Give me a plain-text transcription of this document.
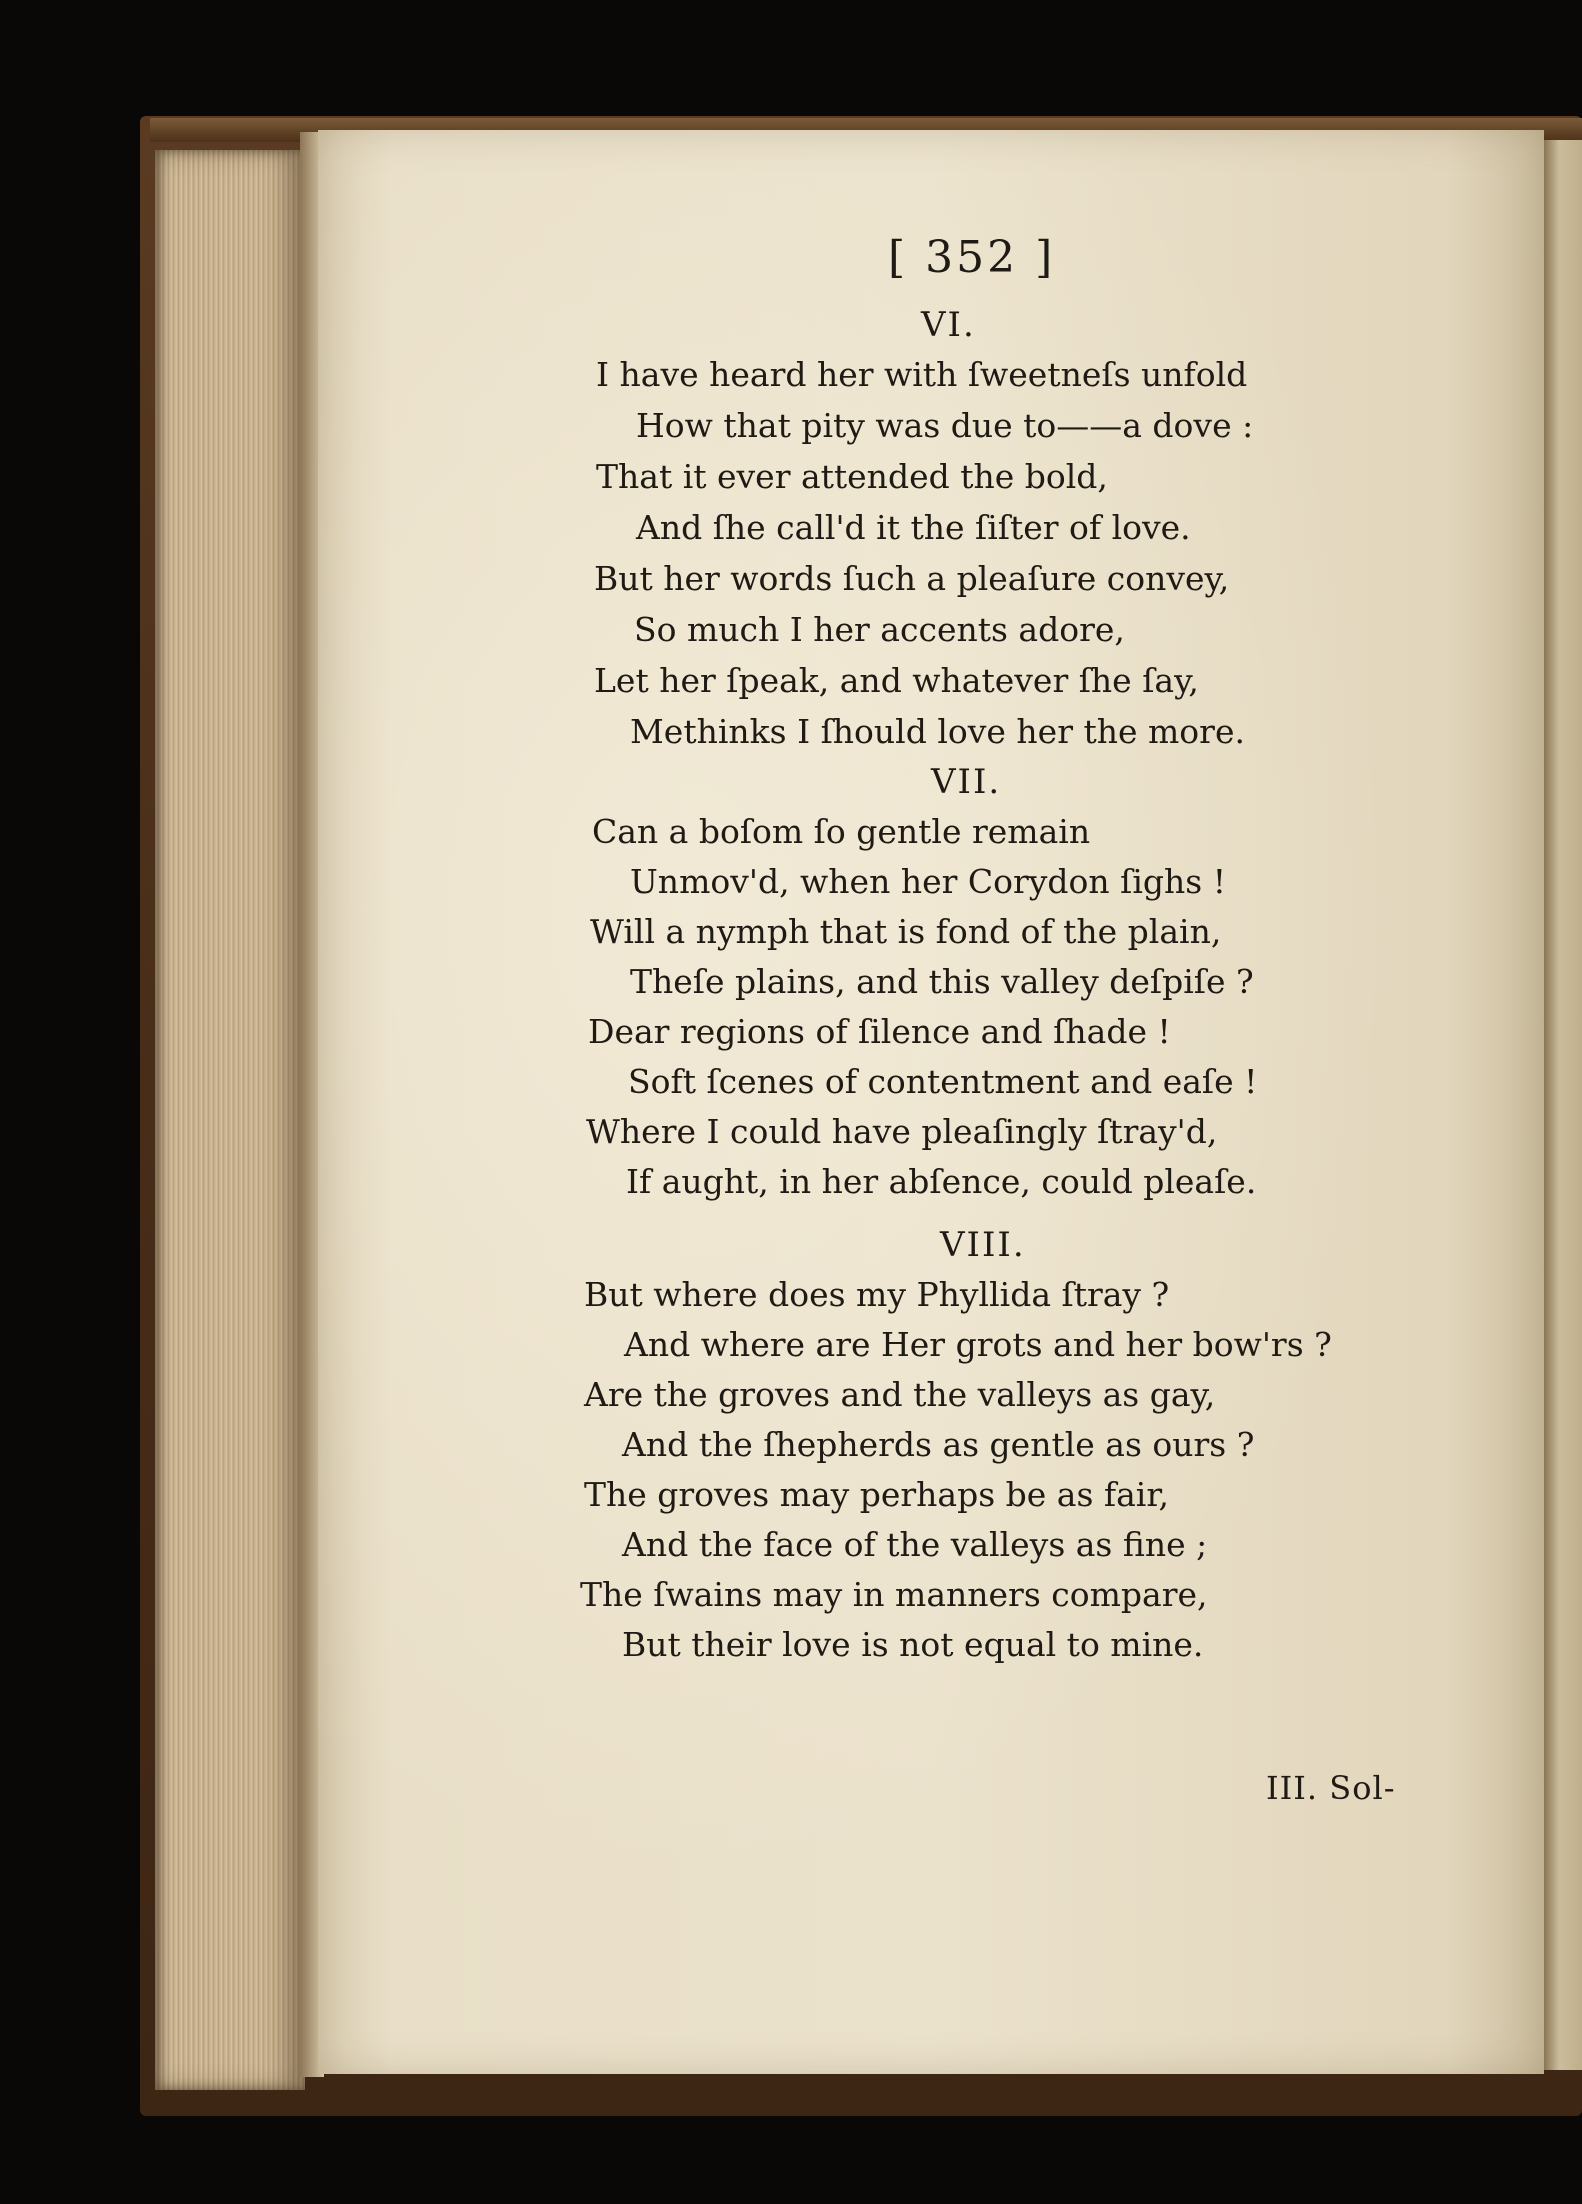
[ 352 ]
VI.
I have heard her with ſweetneſs unfold
How that pity was due to——a dove :
That it ever attended the bold,
And ſhe call'd it the ſiſter of love.
But her words ſuch a pleaſure convey,
So much I her accents adore,
Let her ſpeak, and whatever ſhe ſay,
Methinks I ſhould love her the more.
VII.
Can a boſom ſo gentle remain
Unmov'd, when her Corydon ſighs !
Will a nymph that is fond of the plain,
Theſe plains, and this valley deſpiſe ?
Dear regions of ſilence and ſhade !
Soft ſcenes of contentment and eaſe !
Where I could have pleaſingly ſtray'd,
If aught, in her abſence, could pleaſe.
VIII.
But where does my Phyllida ſtray ?
And where are Her grots and her bow'rs ?
Are the groves and the valleys as gay,
And the ſhepherds as gentle as ours ?
The groves may perhaps be as fair,
And the face of the valleys as fine ;
The ſwains may in manners compare,
But their love is not equal to mine.
III. Sol-
